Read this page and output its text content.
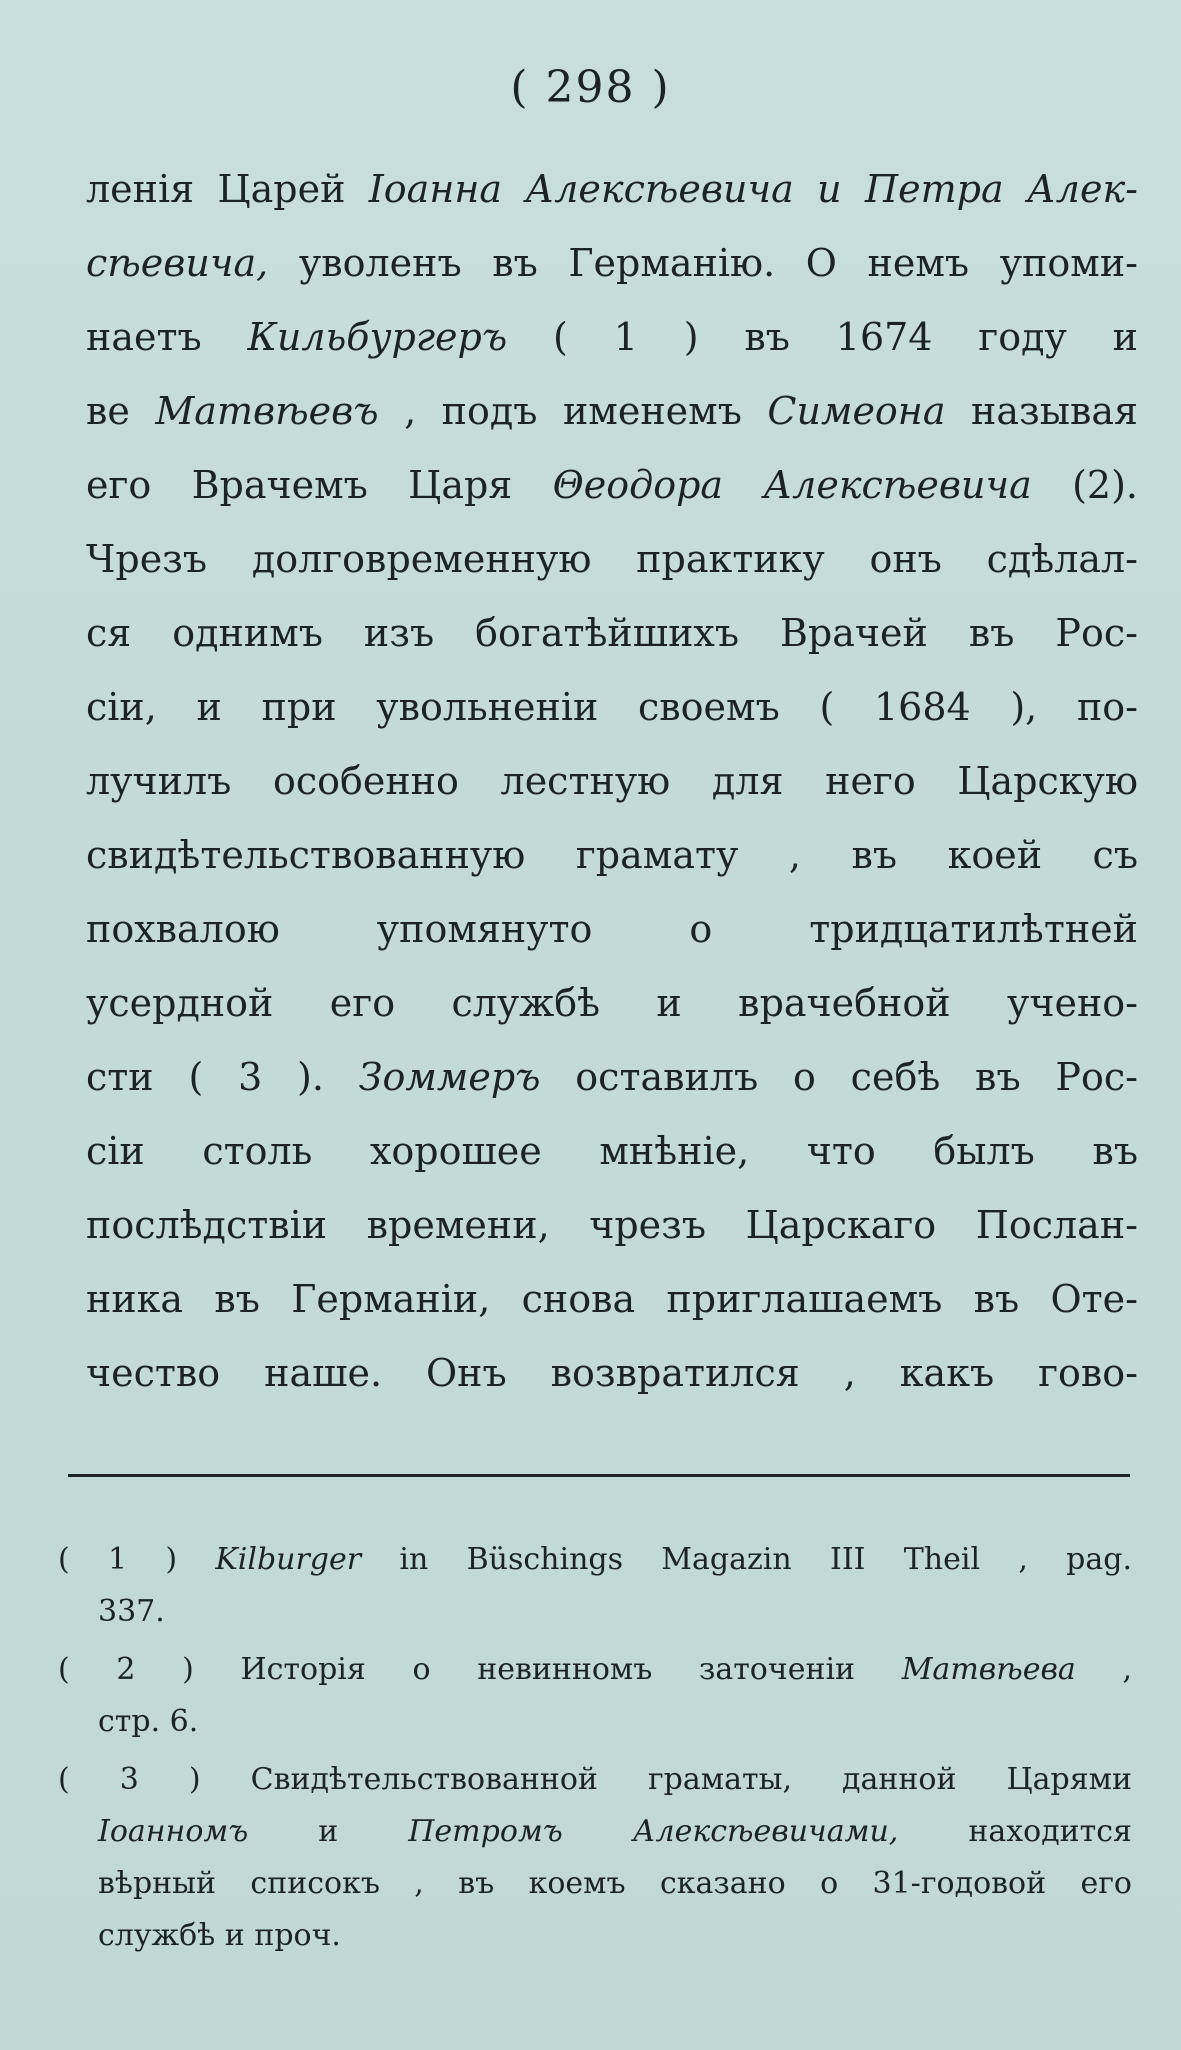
( 298 )
ленія Царей Іоанна Алексѣевича и Петра Алек-
сѣевича, уволенъ въ Германію. О немъ упоми-
наетъ Кильбургеръ ( 1 ) въ 1674 году и
ве Матвѣевъ , подъ именемъ Симеона называя
его Врачемъ Царя Θеодора Алексѣевича (2).
Чрезъ долговременную практику онъ сдѣлал-
ся однимъ изъ богатѣйшихъ Врачей въ Рос-
сіи, и при увольненіи своемъ ( 1684 ), по-
лучилъ особенно лестную для него Царскую
свидѣтельствованную грамату , въ коей съ
похвалою упомянуто о тридцатилѣтней
усердной его службѣ и врачебной учено-
сти ( 3 ). Зоммеръ оставилъ о себѣ въ Рос-
сіи столь хорошее мнѣніе, что былъ въ
послѣдствіи времени, чрезъ Царскаго Послан-
ника въ Германіи, снова приглашаемъ въ Оте-
чество наше. Онъ возвратился , какъ гово-
( 1 ) Kilburger in Büschings Magazin III Theil , pag.
337.
( 2 ) Исторія о невинномъ заточеніи Матвѣева ,
стр. 6.
( 3 ) Свидѣтельствованной граматы, данной Царями
Іоанномъ и Петромъ Алексѣевичами, находится
вѣрный списокъ , въ коемъ сказано о 31-годовой его
службѣ и проч.
